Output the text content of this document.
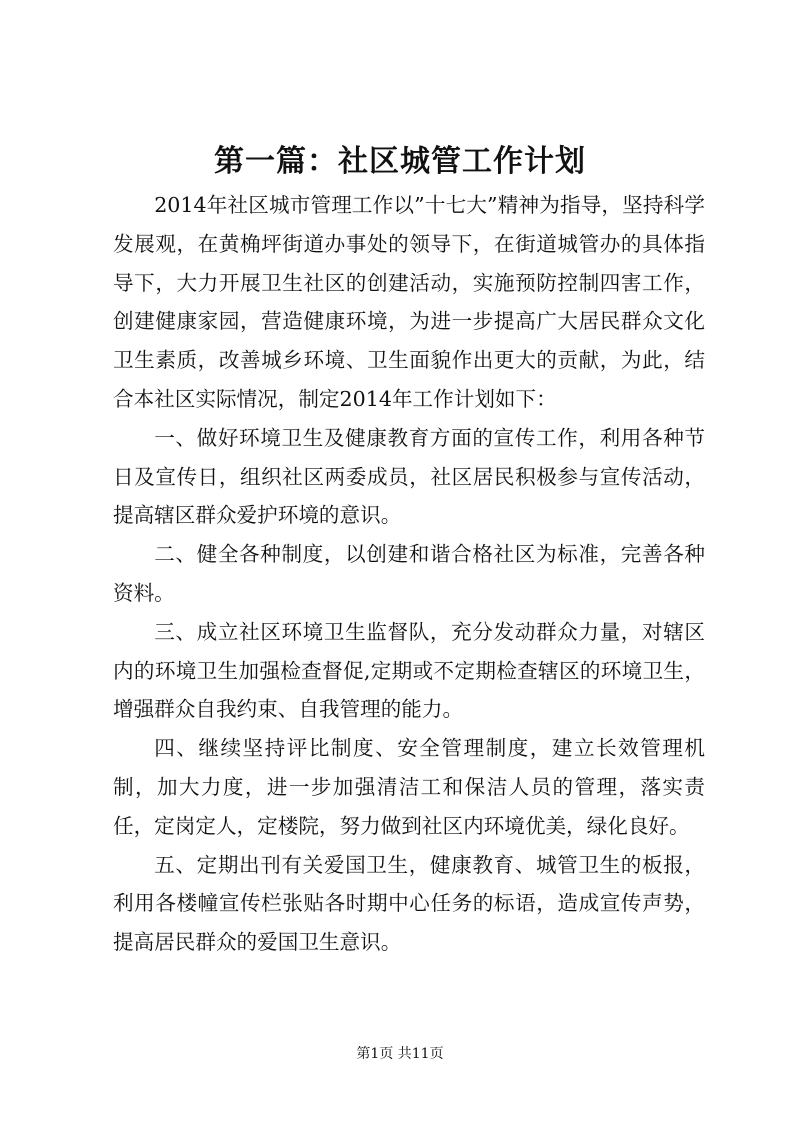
第一篇：社区城管工作计划

2014年社区城市管理工作以”十七大”精神为指导，坚持科学发展观，在黄桷坪街道办事处的领导下，在街道城管办的具体指导下，大力开展卫生社区的创建活动，实施预防控制四害工作，创建健康家园，营造健康环境，为进一步提高广大居民群众文化卫生素质，改善城乡环境、卫生面貌作出更大的贡献，为此，结合本社区实际情况，制定2014年工作计划如下：

一、做好环境卫生及健康教育方面的宣传工作，利用各种节日及宣传日，组织社区两委成员，社区居民积极参与宣传活动，提高辖区群众爱护环境的意识。

二、健全各种制度，以创建和谐合格社区为标准，完善各种资料。

三、成立社区环境卫生监督队，充分发动群众力量，对辖区内的环境卫生加强检查督促,定期或不定期检查辖区的环境卫生，增强群众自我约束、自我管理的能力。

四、继续坚持评比制度、安全管理制度，建立长效管理机制，加大力度，进一步加强清洁工和保洁人员的管理，落实责任，定岗定人，定楼院，努力做到社区内环境优美，绿化良好。

五、定期出刊有关爱国卫生，健康教育、城管卫生的板报，利用各楼幢宣传栏张贴各时期中心任务的标语，造成宣传声势，提高居民群众的爱国卫生意识。

第1页 共11页
